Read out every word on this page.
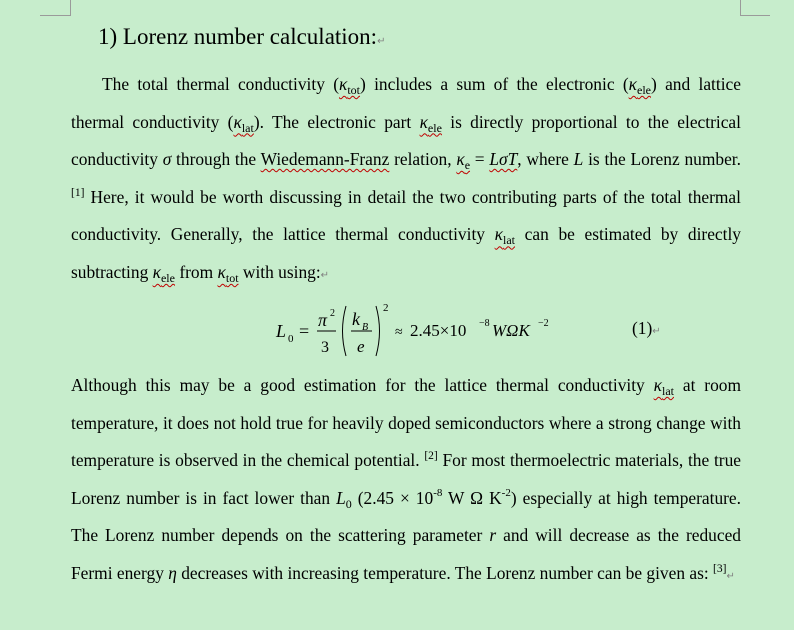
1) Lorenz number calculation:↵

The total thermal conductivity $(\kappa_{tot})$ includes a sum of the electronic $(\kappa_{ele})$ and lattice thermal conductivity $(\kappa_{lat})$. The electronic part $\kappa_{ele}$ is directly proportional to the electrical conductivity σ through the Wiedemann-Franz relation, $\kappa_e = L\sigma T$, where L is the Lorenz number. [1] Here, it would be worth discussing in detail the two contributing parts of the total thermal conductivity. Generally, the lattice thermal conductivity $\kappa_{lat}$ can be estimated by directly subtracting $\kappa_{ele}$ from $\kappa_{tot}$ with using:↵

L 0 =
π 2
3
k B
e
2
≈ 2.45×10 −8 WΩK −2	(1)↵

Although this may be a good estimation for the lattice thermal conductivity $\kappa_{lat}$ at room temperature, it does not hold true for heavily doped semiconductors where a strong change with temperature is observed in the chemical potential. [2] For most thermoelectric materials, the true Lorenz number is in fact lower than $L_0$ ($2.45 \times 10^{-8}$ W Ω $K^{-2}$) especially at high temperature. The Lorenz number depends on the scattering parameter r and will decrease as the reduced Fermi energy η decreases with increasing temperature. The Lorenz number can be given as: [3]↵
